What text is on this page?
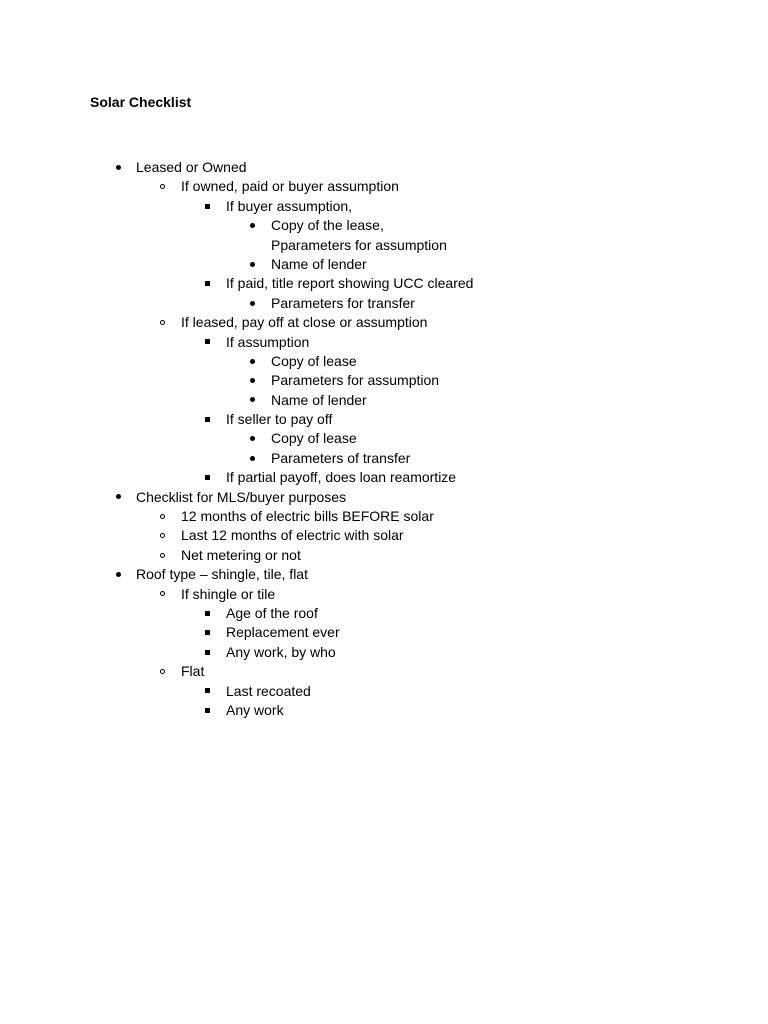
Solar Checklist
Leased or Owned
If owned, paid or buyer assumption
If buyer assumption,
Copy of the lease,
Pparameters for assumption
Name of lender
If paid, title report showing UCC cleared
Parameters for transfer
If leased, pay off at close or assumption
If assumption
Copy of lease
Parameters for assumption
Name of lender
If seller to pay off
Copy of lease
Parameters of transfer
If partial payoff, does loan reamortize
Checklist for MLS/buyer purposes
12 months of electric bills BEFORE solar
Last 12 months of electric with solar
Net metering or not
Roof type – shingle, tile, flat
If shingle or tile
Age of the roof
Replacement ever
Any work, by who
Flat
Last recoated
Any work
